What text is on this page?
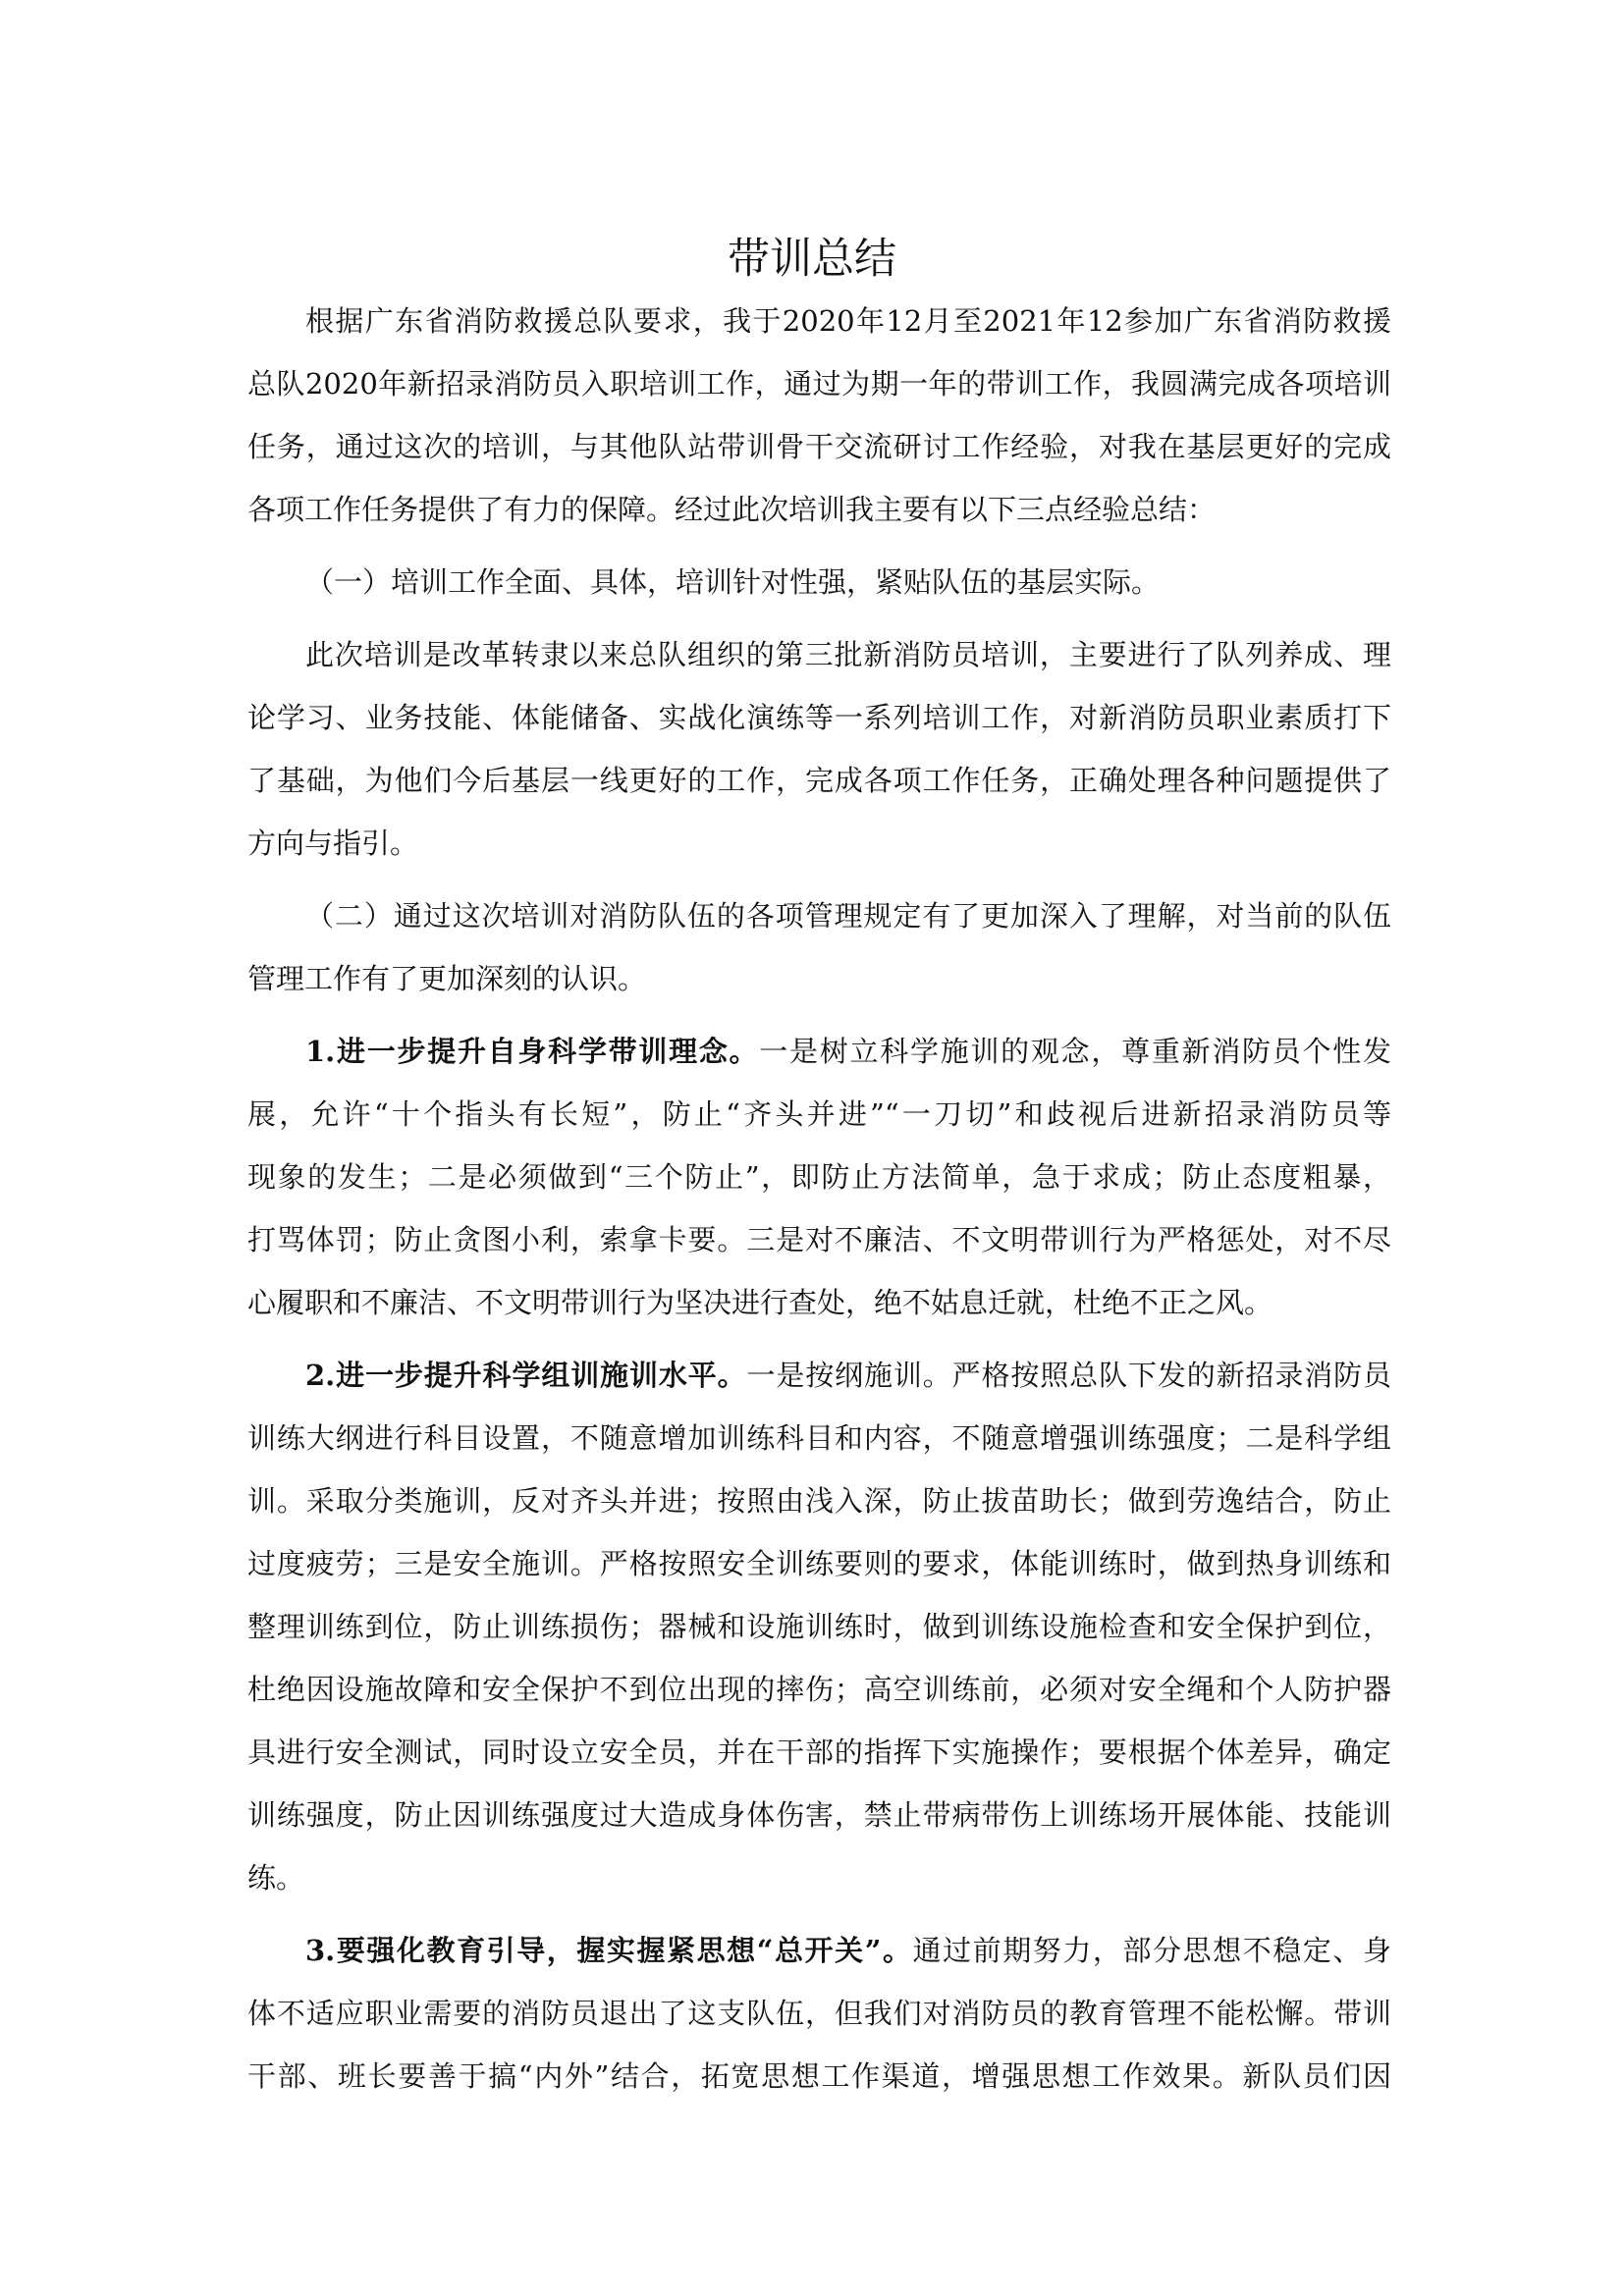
带训总结
根据广东省消防救援总队要求，我于2020年12月至2021年12参加广东省消防救援
总队2020年新招录消防员入职培训工作，通过为期一年的带训工作，我圆满完成各项培训
任务，通过这次的培训，与其他队站带训骨干交流研讨工作经验，对我在基层更好的完成
各项工作任务提供了有力的保障。经过此次培训我主要有以下三点经验总结：
（一）培训工作全面、具体，培训针对性强，紧贴队伍的基层实际。
此次培训是改革转隶以来总队组织的第三批新消防员培训，主要进行了队列养成、理
论学习、业务技能、体能储备、实战化演练等一系列培训工作，对新消防员职业素质打下
了基础，为他们今后基层一线更好的工作，完成各项工作任务，正确处理各种问题提供了
方向与指引。
（二）通过这次培训对消防队伍的各项管理规定有了更加深入了理解，对当前的队伍
管理工作有了更加深刻的认识。
1.进一步提升自身科学带训理念。一是树立科学施训的观念，尊重新消防员个性发
展，允许“十个指头有长短”，防止“齐头并进”“一刀切”和歧视后进新招录消防员等
现象的发生；二是必须做到“三个防止”，即防止方法简单，急于求成；防止态度粗暴，
打骂体罚；防止贪图小利，索拿卡要。三是对不廉洁、不文明带训行为严格惩处，对不尽
心履职和不廉洁、不文明带训行为坚决进行查处，绝不姑息迁就，杜绝不正之风。
2.进一步提升科学组训施训水平。一是按纲施训。严格按照总队下发的新招录消防员
训练大纲进行科目设置，不随意增加训练科目和内容，不随意增强训练强度；二是科学组
训。采取分类施训，反对齐头并进；按照由浅入深，防止拔苗助长；做到劳逸结合，防止
过度疲劳；三是安全施训。严格按照安全训练要则的要求，体能训练时，做到热身训练和
整理训练到位，防止训练损伤；器械和设施训练时，做到训练设施检查和安全保护到位，
杜绝因设施故障和安全保护不到位出现的摔伤；高空训练前，必须对安全绳和个人防护器
具进行安全测试，同时设立安全员，并在干部的指挥下实施操作；要根据个体差异，确定
训练强度，防止因训练强度过大造成身体伤害，禁止带病带伤上训练场开展体能、技能训
练。
3.要强化教育引导，握实握紧思想“总开关”。通过前期努力，部分思想不稳定、身
体不适应职业需要的消防员退出了这支队伍，但我们对消防员的教育管理不能松懈。带训
干部、班长要善于搞“内外”结合，拓宽思想工作渠道，增强思想工作效果。新队员们因
